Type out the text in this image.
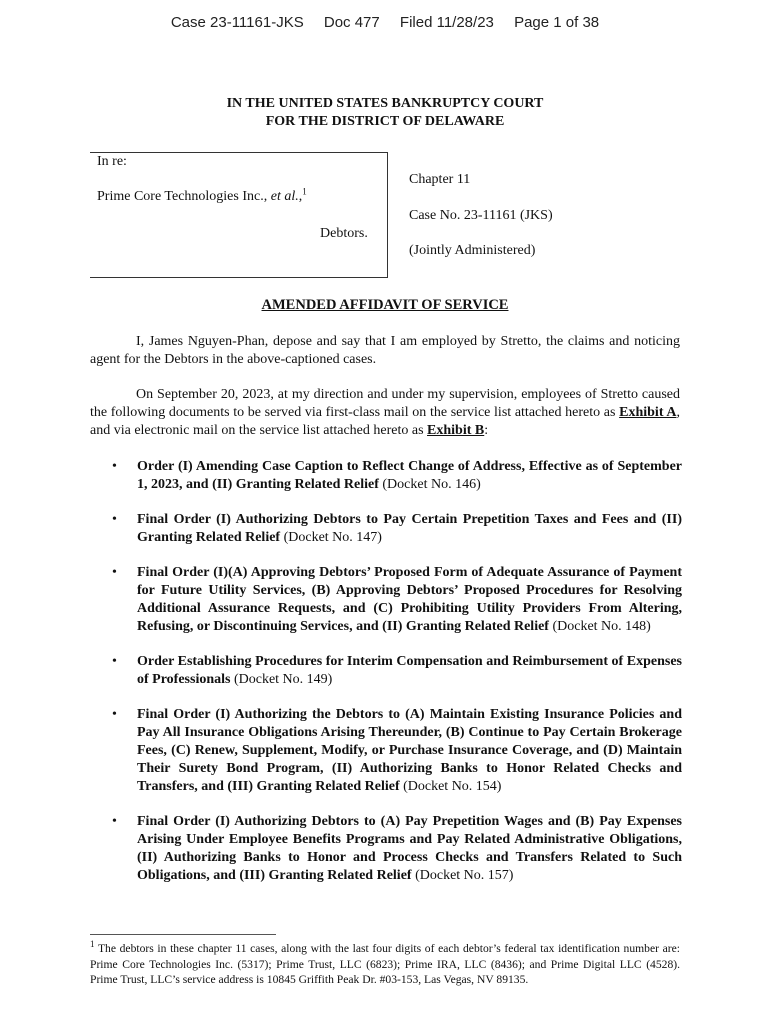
Case 23-11161-JKS Doc 477 Filed 11/28/23 Page 1 of 38
IN THE UNITED STATES BANKRUPTCY COURT
FOR THE DISTRICT OF DELAWARE
In re:
Prime Core Technologies Inc., et al.,$^1$
Debtors.
Chapter 11
Case No. 23-11161 (JKS)
(Jointly Administered)
AMENDED AFFIDAVIT OF SERVICE
I, James Nguyen-Phan, depose and say that I am employed by Stretto, the claims and noticing agent for the Debtors in the above-captioned cases.
On September 20, 2023, at my direction and under my supervision, employees of Stretto caused the following documents to be served via first-class mail on the service list attached hereto as Exhibit A, and via electronic mail on the service list attached hereto as Exhibit B:
• Order (I) Amending Case Caption to Reflect Change of Address, Effective as of September 1, 2023, and (II) Granting Related Relief (Docket No. 146)
• Final Order (I) Authorizing Debtors to Pay Certain Prepetition Taxes and Fees and (II) Granting Related Relief (Docket No. 147)
• Final Order (I)(A) Approving Debtors’ Proposed Form of Adequate Assurance of Payment for Future Utility Services, (B) Approving Debtors’ Proposed Procedures for Resolving Additional Assurance Requests, and (C) Prohibiting Utility Providers From Altering, Refusing, or Discontinuing Services, and (II) Granting Related Relief (Docket No. 148)
• Order Establishing Procedures for Interim Compensation and Reimbursement of Expenses of Professionals (Docket No. 149)
• Final Order (I) Authorizing the Debtors to (A) Maintain Existing Insurance Policies and Pay All Insurance Obligations Arising Thereunder, (B) Continue to Pay Certain Brokerage Fees, (C) Renew, Supplement, Modify, or Purchase Insurance Coverage, and (D) Maintain Their Surety Bond Program, (II) Authorizing Banks to Honor Related Checks and Transfers, and (III) Granting Related Relief (Docket No. 154)
• Final Order (I) Authorizing Debtors to (A) Pay Prepetition Wages and (B) Pay Expenses Arising Under Employee Benefits Programs and Pay Related Administrative Obligations, (II) Authorizing Banks to Honor and Process Checks and Transfers Related to Such Obligations, and (III) Granting Related Relief (Docket No. 157)
$^1$ The debtors in these chapter 11 cases, along with the last four digits of each debtor’s federal tax identification number are: Prime Core Technologies Inc. (5317); Prime Trust, LLC (6823); Prime IRA, LLC (8436); and Prime Digital LLC (4528). Prime Trust, LLC’s service address is 10845 Griffith Peak Dr. #03-153, Las Vegas, NV 89135.
